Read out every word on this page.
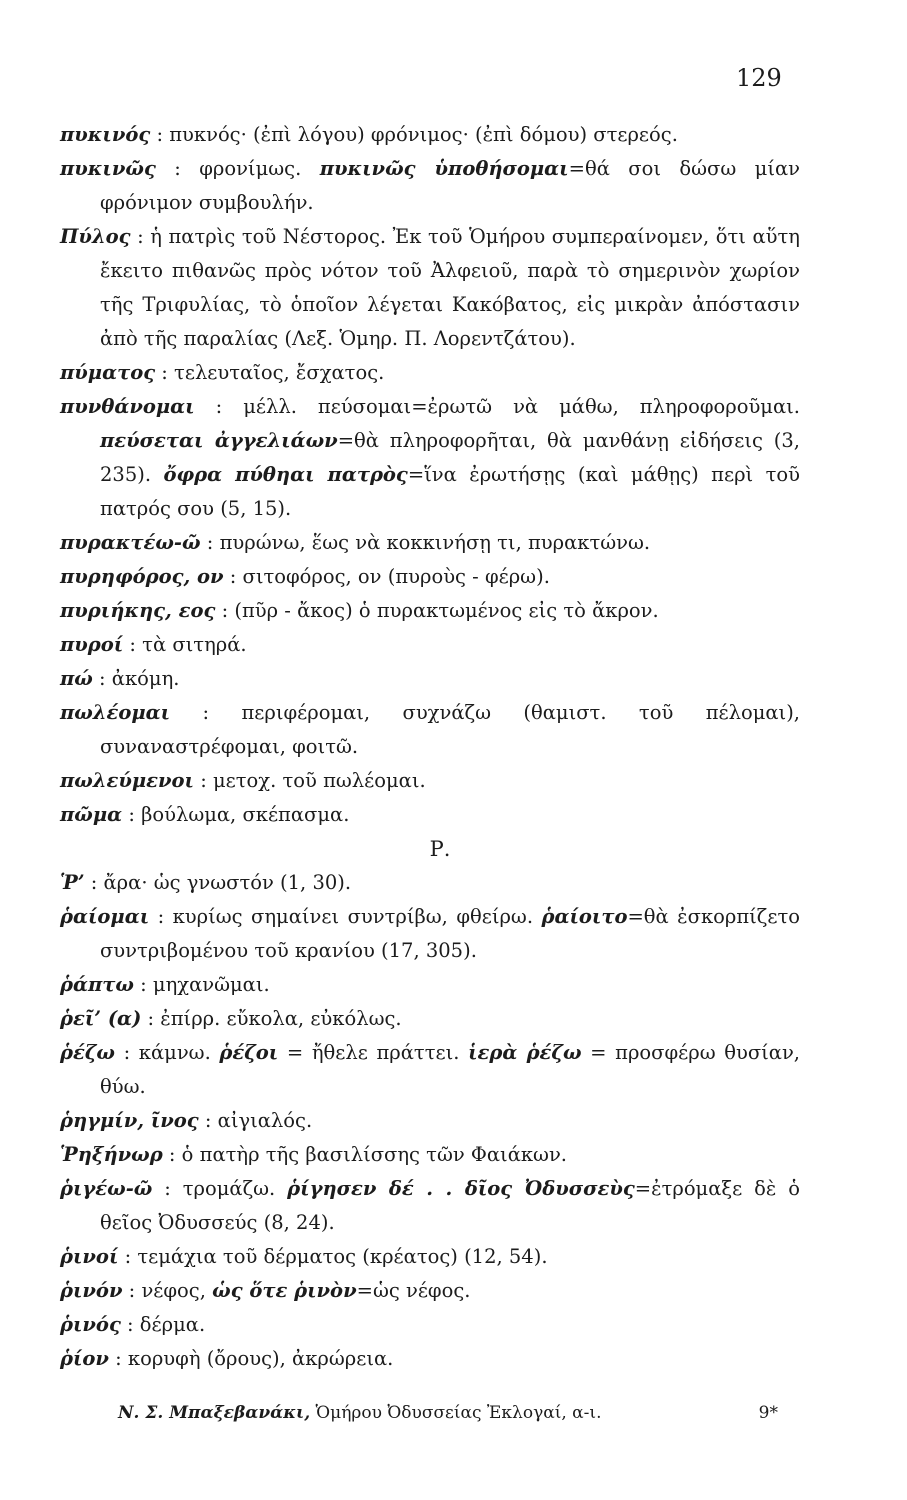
129

πυκινός : πυκνός· (ἐπὶ λόγου) φρόνιμος· (ἐπὶ δόμου) στερεός.

πυκινῶς : φρονίμως. πυκινῶς ὑποθήσομαι=θά σοι δώσω μίαν φρόνιμον συμβουλήν.

Πύλος : ἡ πατρὶς τοῦ Νέστορος. Ἐκ τοῦ Ὁμήρου συμπεραίνομεν, ὅτι αὕτη ἔκειτο πιθανῶς πρὸς νότον τοῦ Ἀλφειοῦ, παρὰ τὸ σημερινὸν χωρίον τῆς Τριφυλίας, τὸ ὁποῖον λέγεται Κακόβατος, εἰς μικρὰν ἀπόστασιν ἀπὸ τῆς παραλίας (Λεξ. Ὁμηρ. Π. Λορεντζάτου).

πύματος : τελευταῖος, ἔσχατος.

πυνθάνομαι : μέλλ. πεύσομαι=ἐρωτῶ νὰ μάθω, πληροφοροῦμαι. πεύσεται ἀγγελιάων=θὰ πληροφορῆται, θὰ μανθάνῃ εἰδήσεις (3, 235). ὄφρα πύθηαι πατρὸς=ἵνα ἐρωτήσῃς (καὶ μάθῃς) περὶ τοῦ πατρός σου (5, 15).

πυρακτέω-ῶ : πυρώνω, ἕως νὰ κοκκινήσῃ τι, πυρακτώνω.

πυρηφόρος, ον : σιτοφόρος, ον (πυροὺς - φέρω).

πυριήκης, εος : (πῦρ - ἄκος) ὁ πυρακτωμένος εἰς τὸ ἄκρον.

πυροί : τὰ σιτηρά.

πώ : ἀκόμη.

πωλέομαι : περιφέρομαι, συχνάζω (θαμιστ. τοῦ πέλομαι), συναναστρέφομαι, φοιτῶ.

πωλεύμενοι : μετοχ. τοῦ πωλέομαι.

πῶμα : βούλωμα, σκέπασμα.

Ρ.

Ῥ’ : ἄρα· ὡς γνωστόν (1, 30).

ῥαίομαι : κυρίως σημαίνει συντρίβω, φθείρω. ῥαίοιτο=θὰ ἐσκορπίζετο συντριβομένου τοῦ κρανίου (17, 305).

ῥάπτω : μηχανῶμαι.

ῥεῖ’ (α) : ἐπίρρ. εὔκολα, εὐκόλως.

ῥέζω : κάμνω. ῥέζοι = ἤθελε πράττει. ἱερὰ ῥέζω = προσφέρω θυσίαν, θύω.

ῥηγμίν, ῖνος : αἰγιαλός.

Ῥηξήνωρ : ὁ πατὴρ τῆς βασιλίσσης τῶν Φαιάκων.

ῥιγέω-ῶ : τρομάζω. ῥίγησεν δέ . . δῖος Ὀδυσσεὺς=ἐτρόμαξε δὲ ὁ θεῖος Ὀδυσσεύς (8, 24).

ῥινοί : τεμάχια τοῦ δέρματος (κρέατος) (12, 54).

ῥινόν : νέφος, ὡς ὅτε ῥινὸν=ὡς νέφος.

ῥινός : δέρμα.

ῥίον : κορυφὴ (ὄρους), ἀκρώρεια.

Ν. Σ. Μπαξεβανάκι, Ὁμήρου Ὀδυσσείας Ἐκλογαί, α-ι.	9*
